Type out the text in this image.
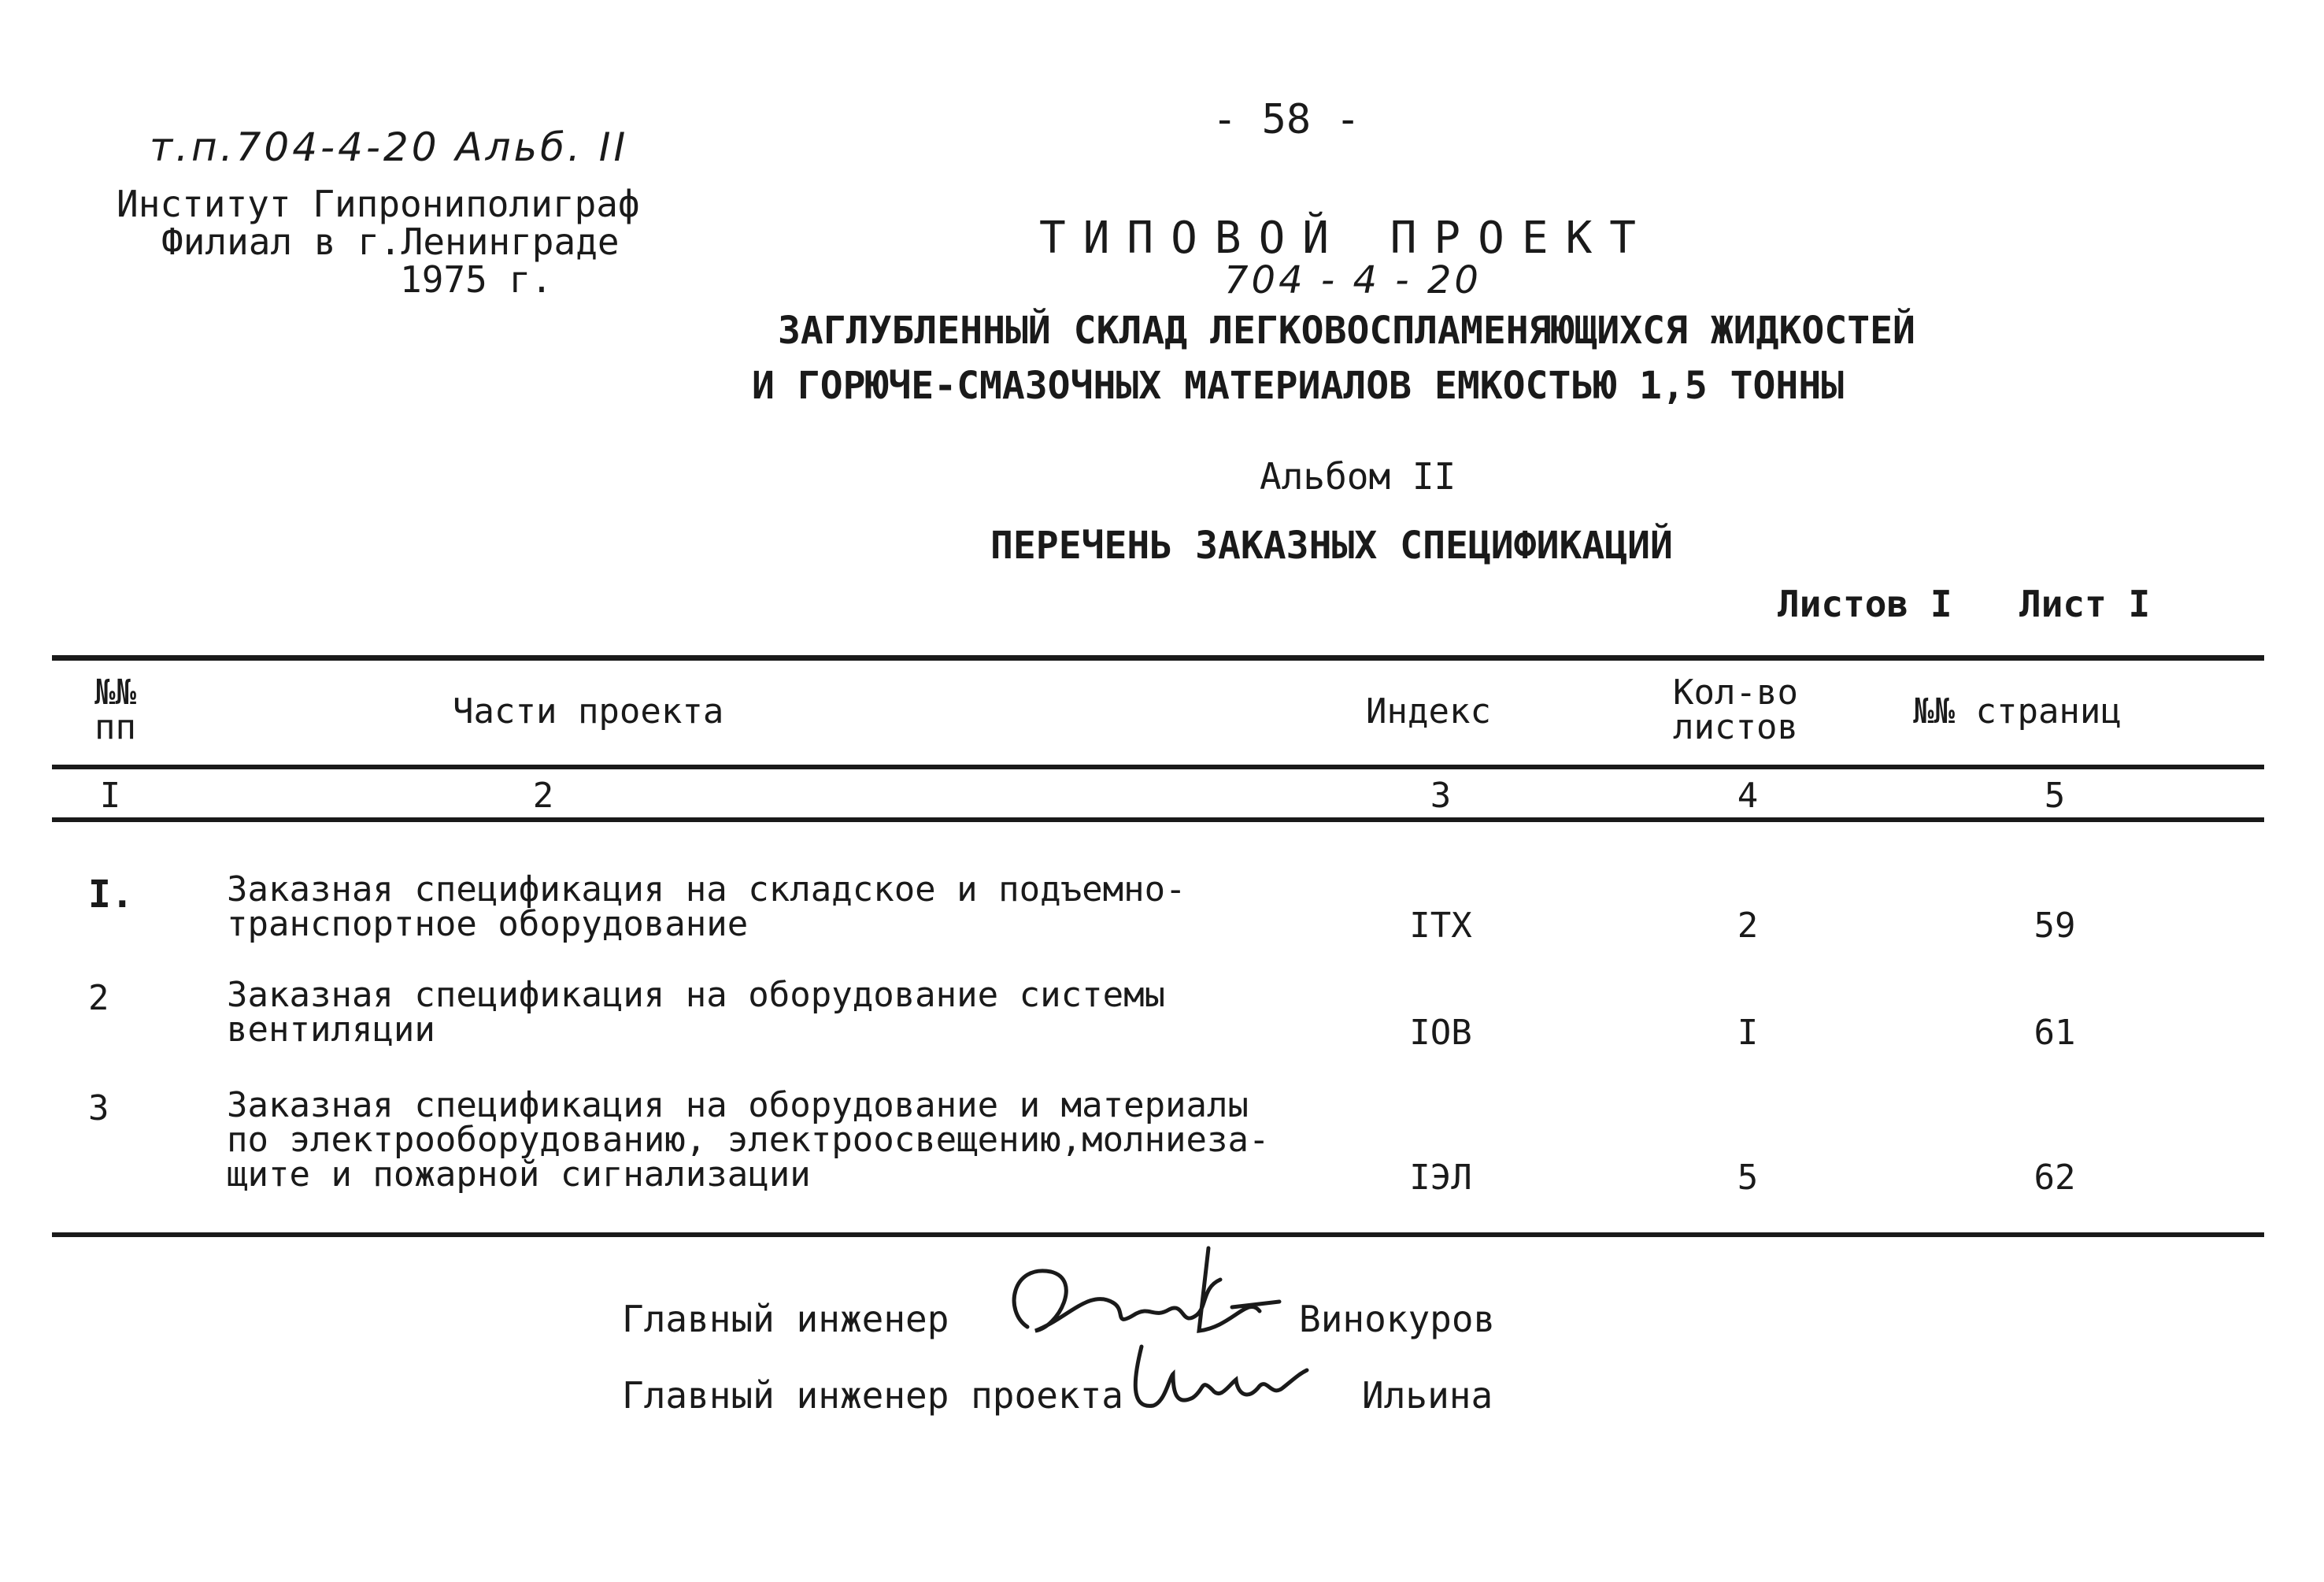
т.п.704-4-20 Альб. II
Институт Гипрониполиграф
Филиал в г.Ленинграде
1975 г.
- 58 -
ТИПОВОЙ ПРОЕКТ
704 - 4 - 20
ЗАГЛУБЛЕННЫЙ СКЛАД ЛЕГКОВОСПЛАМЕНЯЮЩИХСЯ ЖИДКОСТЕЙ
И ГОРЮЧЕ-СМАЗОЧНЫХ МАТЕРИАЛОВ ЕМКОСТЬЮ 1,5 ТОННЫ
Альбом II
ПЕРЕЧЕНЬ ЗАКАЗНЫХ СПЕЦИФИКАЦИЙ
Листов I Лист I
№№
пп	Части проекта	Индекс	Кол-во
листов	№№ страниц
I	2	3	4	5
I.	Заказная спецификация на складское и подъемно-
транспортное оборудование	ITX	2	59
2	Заказная спецификация на оборудование системы
вентиляции	IOB	I	61
3	Заказная спецификация на оборудование и материалы
по электрооборудованию, электроосвещению,молниеза-
щите и пожарной сигнализации	IЭЛ	5	62
Главный инженер	Винокуров
Главный инженер проекта	Ильина
